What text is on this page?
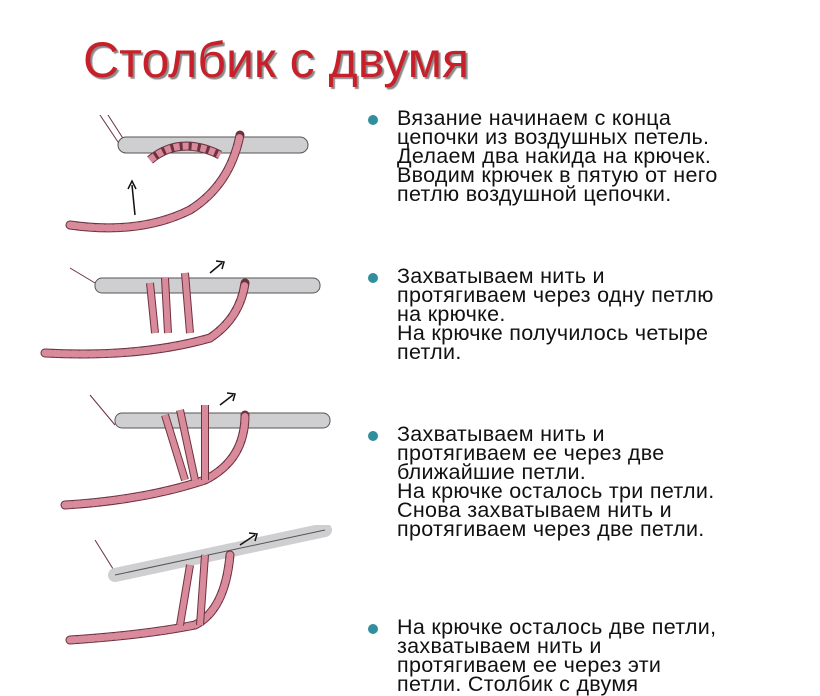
Столбик с двумя
Вязание начинаем с конца
цепочки из воздушных петель.
Делаем два накида на крючек.
Вводим крючек в пятую от него
петлю воздушной цепочки.
Захватываем нить и
протягиваем через одну петлю
на крючке.
На крючке получилось четыре
петли.
Захватываем нить и
протягиваем ее через две
ближайшие петли.
На крючке осталось три петли.
Снова захватываем нить и
протягиваем через две петли.
На крючке осталось две петли,
захватываем нить и
протягиваем ее через эти
петли. Столбик с двумя
